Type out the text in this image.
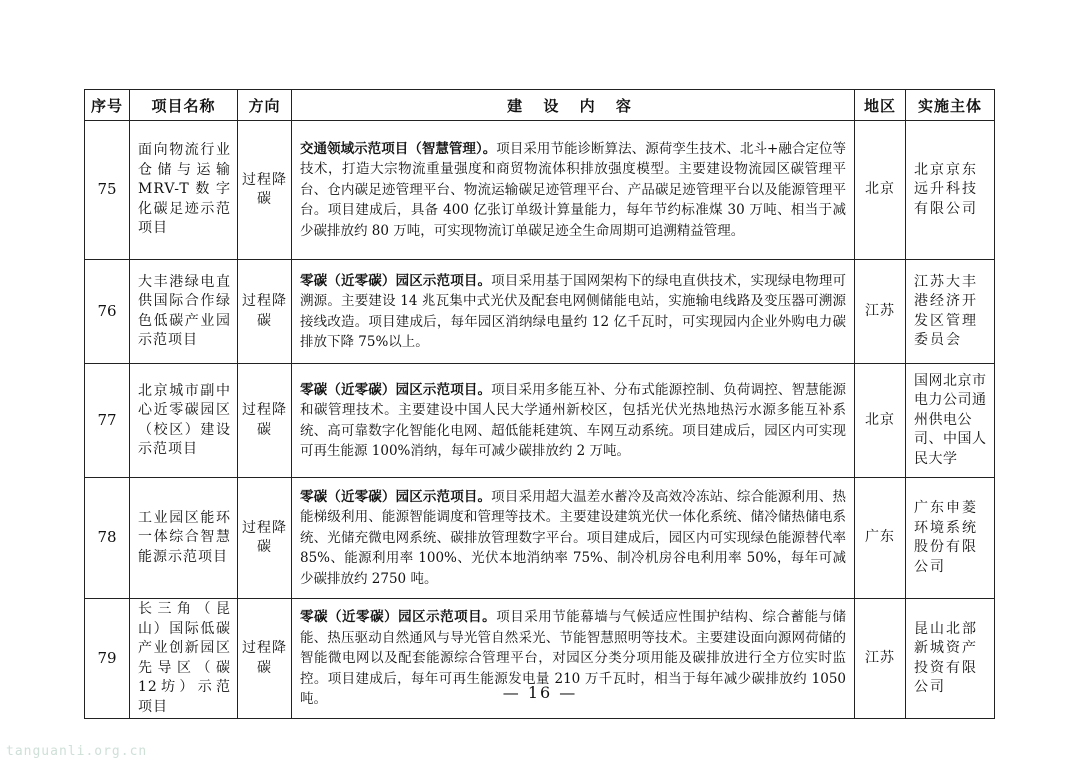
序号	项目名称	方向	建 设 内 容	地区	实施主体
75	面向物流行业仓储与运输MRV-T数字化碳足迹示范项目	过程降碳	交通领域示范项目（智慧管理）。项目采用节能诊断算法、源荷孪生技术、北斗+融合定位等技术，打造大宗物流重量强度和商贸物流体积排放强度模型。主要建设物流园区碳管理平台、仓内碳足迹管理平台、物流运输碳足迹管理平台、产品碳足迹管理平台以及能源管理平台。项目建成后，具备 400 亿张订单级计算量能力，每年节约标准煤 30 万吨、相当于减少碳排放约 80 万吨，可实现物流订单碳足迹全生命周期可追溯精益管理。	北京	北京京东远升科技有限公司
76	大丰港绿电直供国际合作绿色低碳产业园示范项目	过程降碳	零碳（近零碳）园区示范项目。项目采用基于国网架构下的绿电直供技术，实现绿电物理可溯源。主要建设 14 兆瓦集中式光伏及配套电网侧储能电站，实施输电线路及变压器可溯源接线改造。项目建成后，每年园区消纳绿电量约 12 亿千瓦时，可实现园内企业外购电力碳排放下降 75%以上。	江苏	江苏大丰港经济开发区管理委员会
77	北京城市副中心近零碳园区（校区）建设示范项目	过程降碳	零碳（近零碳）园区示范项目。项目采用多能互补、分布式能源控制、负荷调控、智慧能源和碳管理技术。主要建设中国人民大学通州新校区，包括光伏光热地热污水源多能互补系统、高可靠数字化智能化电网、超低能耗建筑、车网互动系统。项目建成后，园区内可实现可再生能源 100%消纳，每年可减少碳排放约 2 万吨。	北京	国网北京市电力公司通州供电公司、中国人民大学
78	工业园区能环一体综合智慧能源示范项目	过程降碳	零碳（近零碳）园区示范项目。项目采用超大温差水蓄冷及高效冷冻站、综合能源利用、热能梯级利用、能源智能调度和管理等技术。主要建设建筑光伏一体化系统、储冷储热储电系统、光储充微电网系统、碳排放管理数字平台。项目建成后，园区内可实现绿色能源替代率 85%、能源利用率 100%、光伏本地消纳率 75%、制冷机房谷电利用率 50%，每年可减少碳排放约 2750 吨。	广东	广东申菱环境系统股份有限公司
79	长三角（昆山）国际低碳产业创新园区先导区（碳12坊）示范项目	过程降碳	零碳（近零碳）园区示范项目。项目采用节能幕墙与气候适应性围护结构、综合蓄能与储能、热压驱动自然通风与导光管自然采光、节能智慧照明等技术。主要建设面向源网荷储的智能微电网以及配套能源综合管理平台，对园区分类分项用能及碳排放进行全方位实时监控。项目建成后，每年可再生能源发电量 210 万千瓦时，相当于每年减少碳排放约 1050 吨。	江苏	昆山北部新城资产投资有限公司
— 16 —
tanguanli.org.cn
